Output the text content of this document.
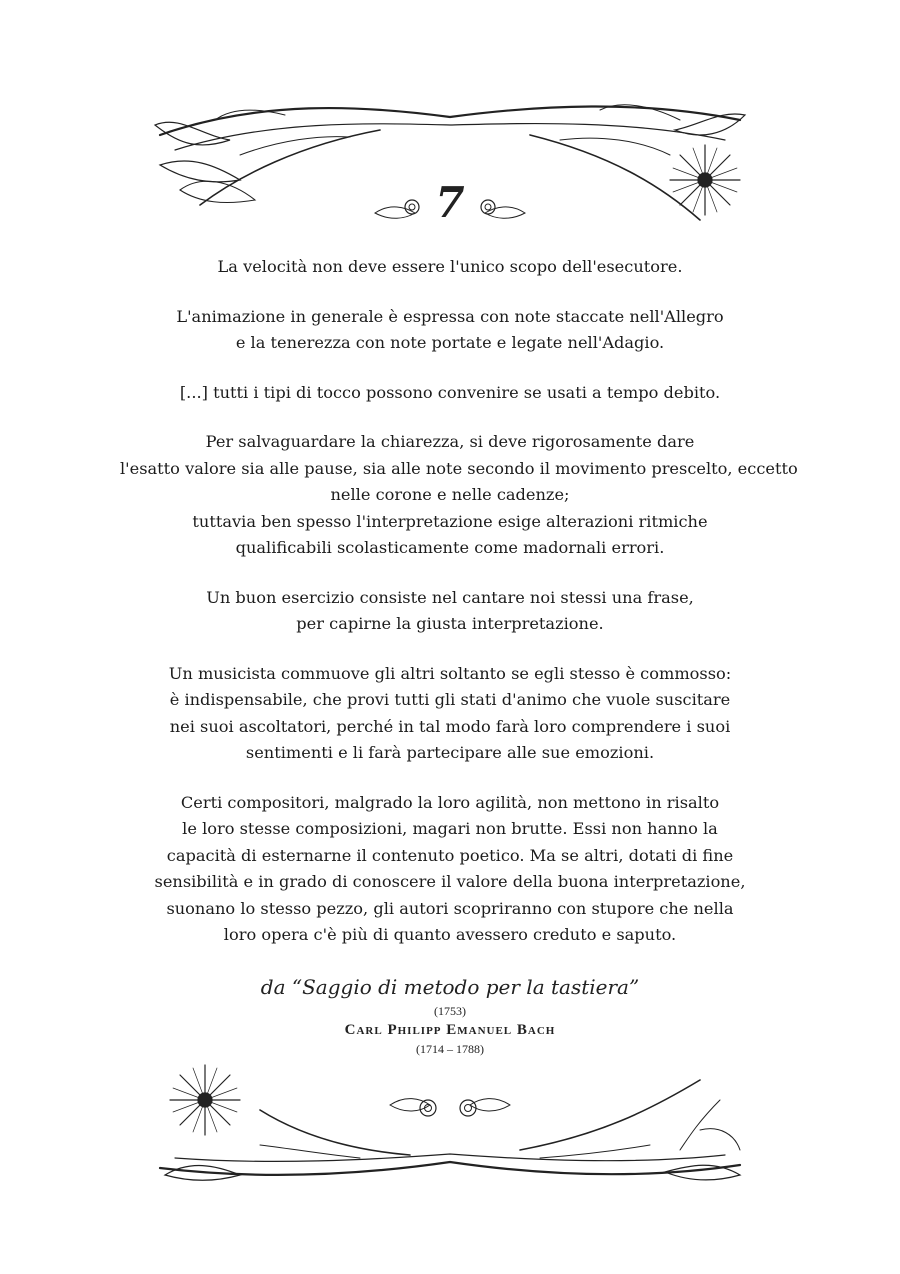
7

La velocità non deve essere l'unico scopo dell'esecutore.

L'animazione in generale è espressa con note staccate nell'Allegro
e la tenerezza con note portate e legate nell'Adagio.

[...] tutti i tipi di tocco possono convenire se usati a tempo debito.

Per salvaguardare la chiarezza, si deve rigorosamente dare
l'esatto valore sia alle pause, sia alle note secondo il movimento prescelto, eccetto
nelle corone e nelle cadenze;
tuttavia ben spesso l'interpretazione esige alterazioni ritmiche
qualificabili scolasticamente come madornali errori.

Un buon esercizio consiste nel cantare noi stessi una frase,
per capirne la giusta interpretazione.

Un musicista commuove gli altri soltanto se egli stesso è commosso:
è indispensabile, che provi tutti gli stati d'animo che vuole suscitare
nei suoi ascoltatori, perché in tal modo farà loro comprendere i suoi
sentimenti e li farà partecipare alle sue emozioni.

Certi compositori, malgrado la loro agilità, non mettono in risalto
le loro stesse composizioni, magari non brutte. Essi non hanno la
capacità di esternarne il contenuto poetico. Ma se altri, dotati di fine
sensibilità e in grado di conoscere il valore della buona interpretazione,
suonano lo stesso pezzo, gli autori scopriranno con stupore che nella
loro opera c'è più di quanto avessero creduto e saputo.

da “Saggio di metodo per la tastiera”
(1753)
Carl Philipp Emanuel Bach
(1714 – 1788)
